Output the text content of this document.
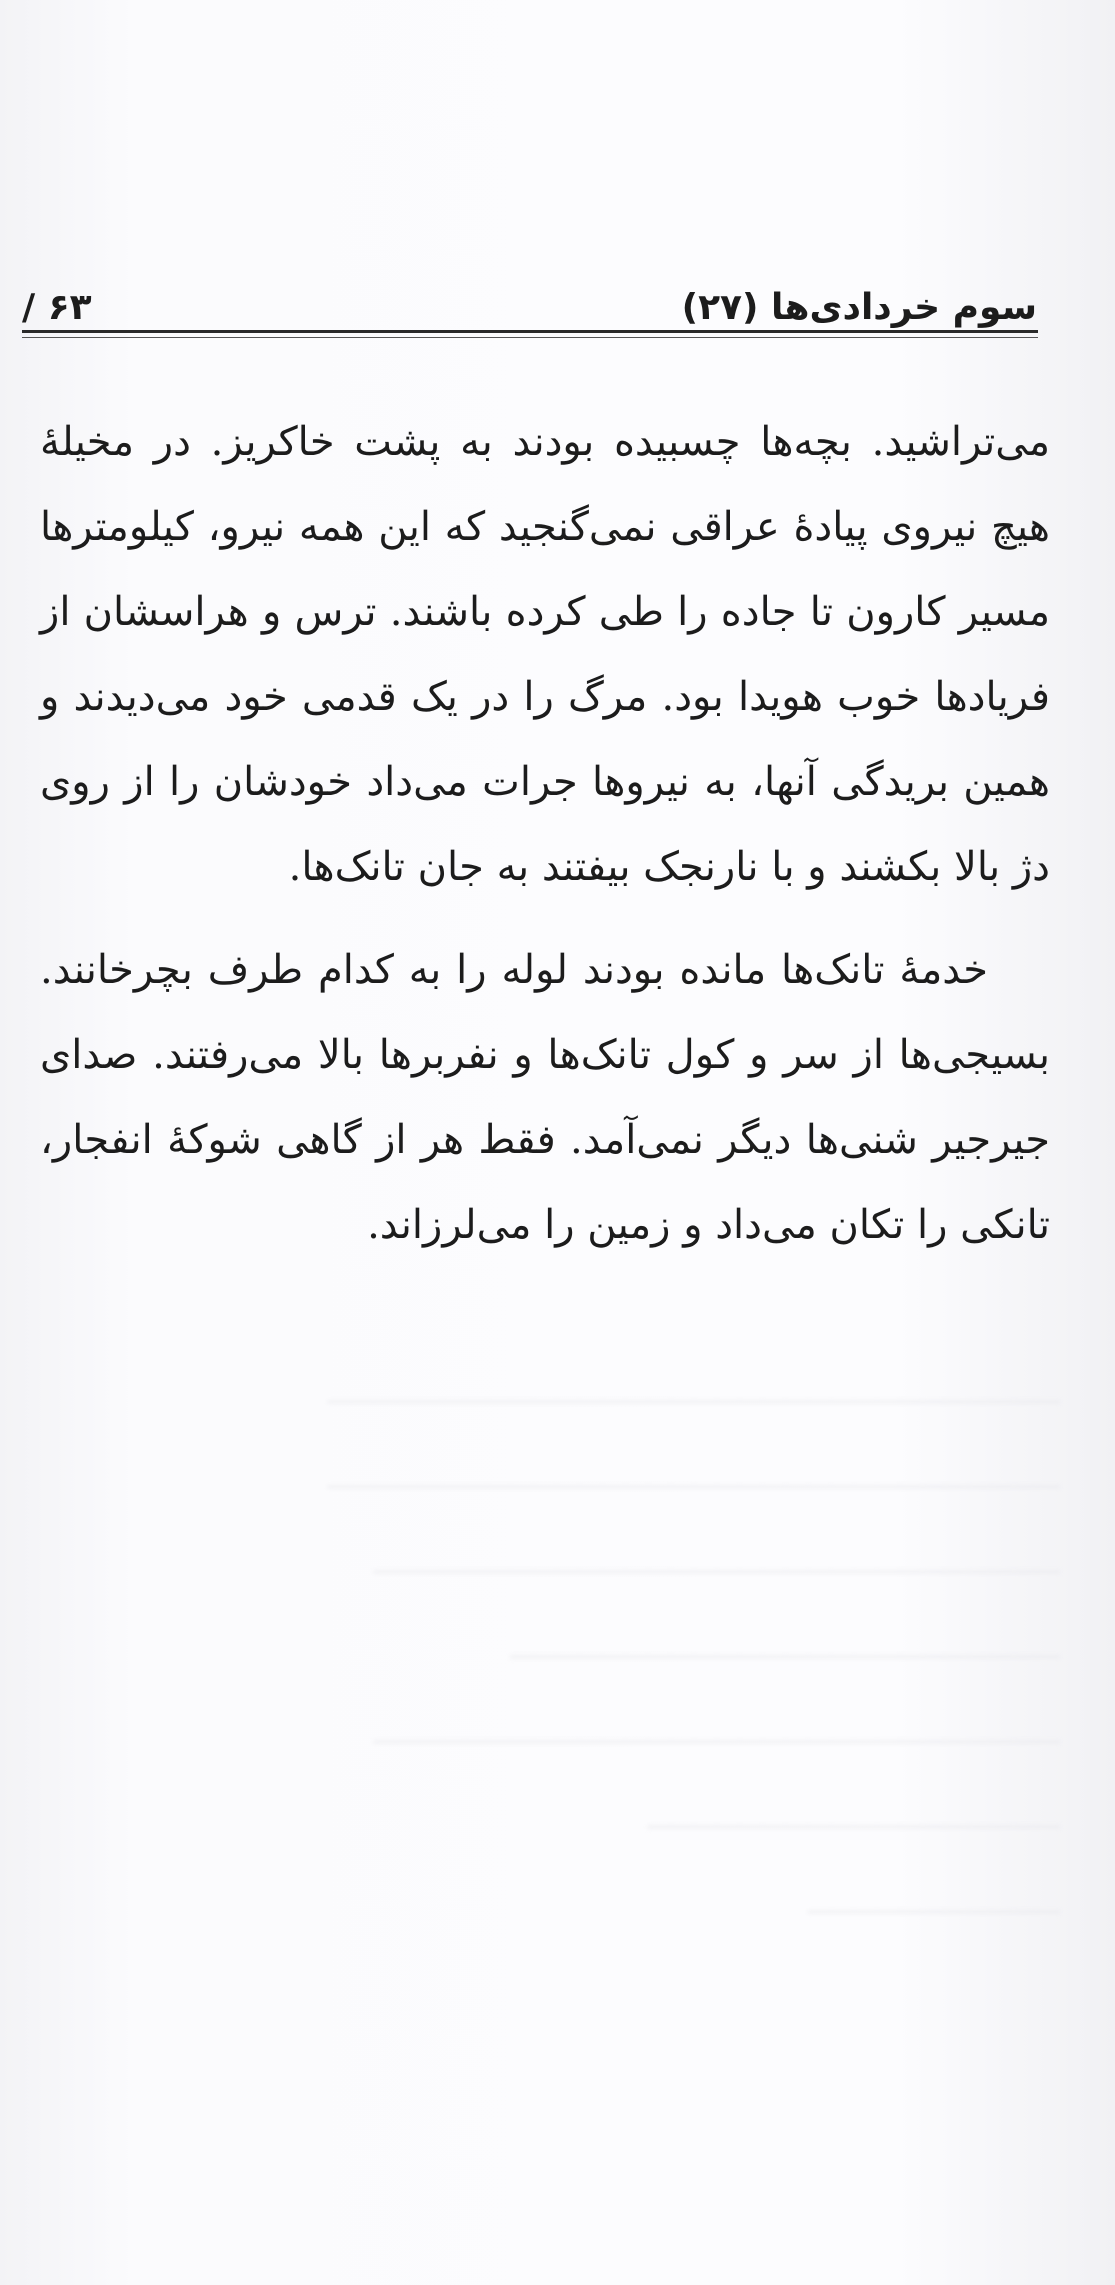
سوم خردادی‌ها (۲۷)
۶۳ /

می‌تراشید. بچه‌ها چسبیده بودند به پشت خاکریز. در مخیلهٔ هیچ نیروی پیادهٔ عراقی نمی‌گنجید که این همه نیرو، کیلومترها مسیر کارون تا جاده را طی کرده باشند. ترس و هراسشان از فریادها خوب هویدا بود. مرگ را در یک قدمی خود می‌دیدند و همین بریدگی آنها، به نیروها جرات می‌داد خودشان را از روی دژ بالا بکشند و با نارنجک بیفتند به جان تانک‌ها.

خدمهٔ تانک‌ها مانده بودند لوله را به کدام طرف بچرخانند. بسیجی‌ها از سر و کول تانک‌ها و نفربرها بالا می‌رفتند. صدای جیرجیر شنی‌ها دیگر نمی‌آمد. فقط هر از گاهی شوکهٔ انفجار، تانکی را تکان می‌داد و زمین را می‌لرزاند.

────────────────────────────────
────────────────────────────────
──────────────────────────────
────────────────────────
──────────────────────────────
──────────────────
───────────
